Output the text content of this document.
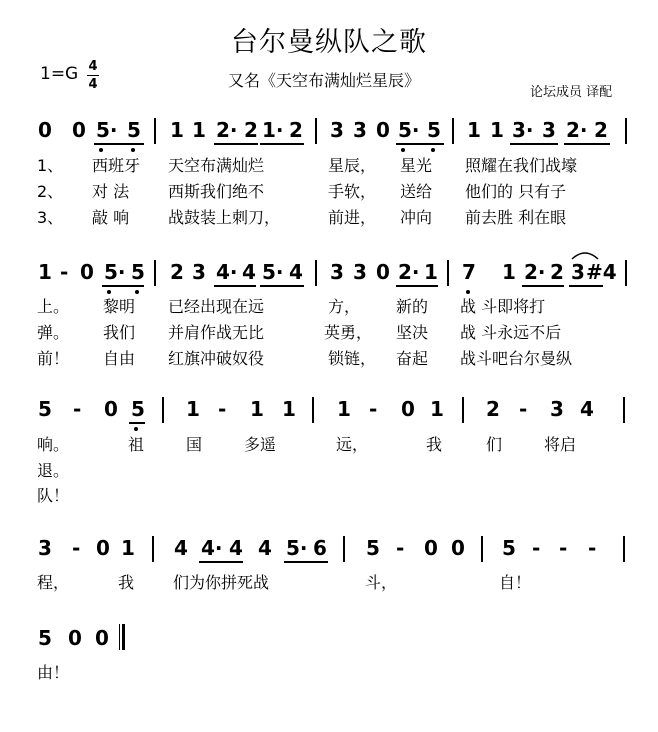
台尔曼纵队之歌
1=G 4
4	又名《天空布满灿烂星辰》
论坛成员 译配
0 0 5· 5 1 1 2· 2 1· 2 3 3 0 5· 5 1 1 3· 3 2· 2
1、 西班牙 天空布满灿烂	星辰， 星光 照耀在我们战壕
2、 对 法 西斯我们绝不	手软， 送给 他们的 只有子
3、 敲 响 战鼓装上刺刀，	前进， 冲向 前去胜 利在眼
1 - 0 5· 5 2 3 4· 4 5· 4 3 3 0 2· 1 7 1 2· 2 3 #4
上。 黎明 已经出现在远	方， 新的 战 斗即将打
弹。 我们 并肩作战无比	英勇， 坚决 战 斗永远不后
前！ 自由 红旗冲破奴役	锁链， 奋起 战斗吧台尔曼纵
5 - 0 5 1 - 1 1 1 - 0 1 2 - 3 4
响。	祖	国	多遥	远，	我	们	将启
退。
队！
3 - 0 1 4 4· 4 4 5· 6 5 - 0 0 5 - - -
程，	我 们为你拼死战	斗，	自！
5 0 0
由！
